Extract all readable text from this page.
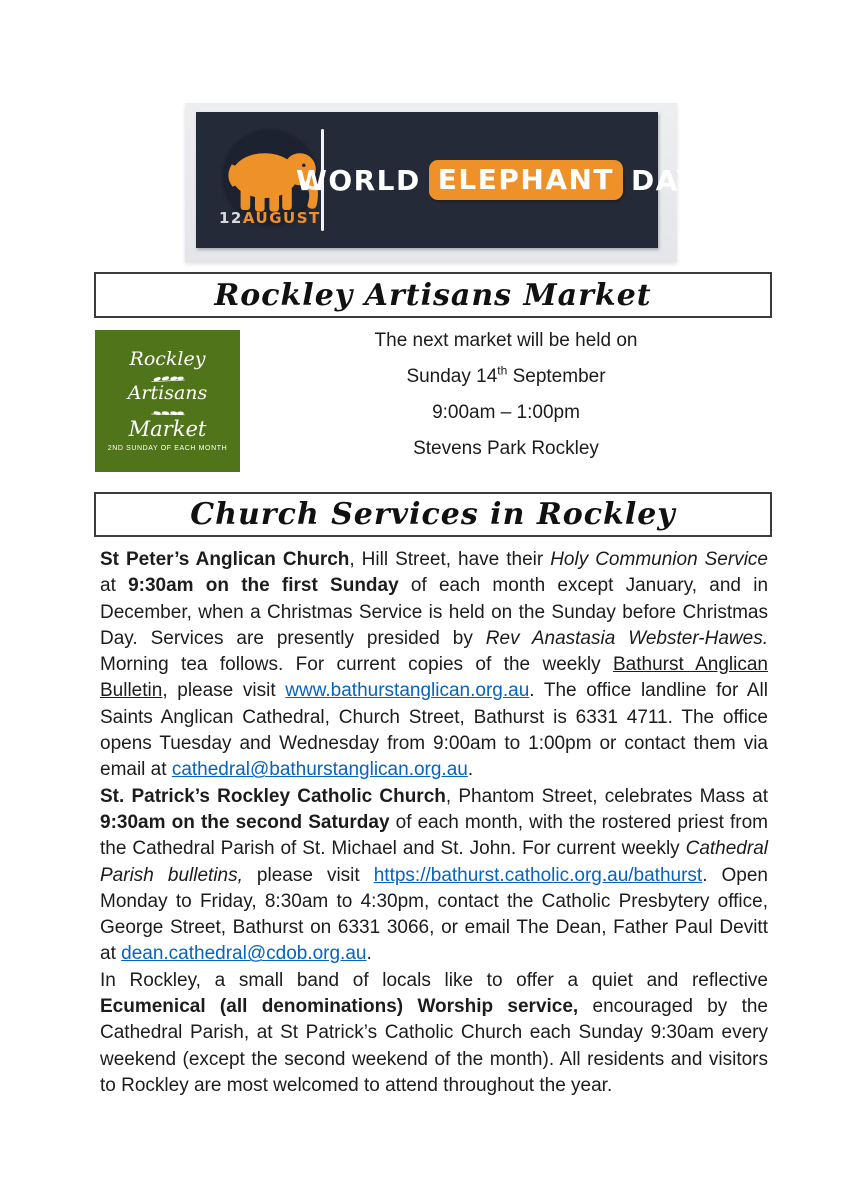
12AUGUST
WORLD ELEPHANT DAY
Rockley Artisans Market
Rockley
Artisans
Market
2ND SUNDAY OF EACH MONTH
The next market will be held on
Sunday 14th September
9:00am – 1:00pm
Stevens Park Rockley
Church Services in Rockley

St Peter’s Anglican Church, Hill Street, have their Holy Communion Service at 9:30am on the first Sunday of each month except January, and in December, when a Christmas Service is held on the Sunday before Christmas Day. Services are presently presided by Rev Anastasia Webster-Hawes. Morning tea follows. For current copies of the weekly Bathurst Anglican Bulletin, please visit www.bathurstanglican.org.au. The office landline for All Saints Anglican Cathedral, Church Street, Bathurst is 6331 4711. The office opens Tuesday and Wednesday from 9:00am to 1:00pm or contact them via email at cathedral@bathurstanglican.org.au.

St. Patrick’s Rockley Catholic Church, Phantom Street, celebrates Mass at 9:30am on the second Saturday of each month, with the rostered priest from the Cathedral Parish of St. Michael and St. John. For current weekly Cathedral Parish bulletins, please visit https://bathurst.catholic.org.au/bathurst. Open Monday to Friday, 8:30am to 4:30pm, contact the Catholic Presbytery office, George Street, Bathurst on 6331 3066, or email The Dean, Father Paul Devitt at dean.cathedral@cdob.org.au.

In Rockley, a small band of locals like to offer a quiet and reflective Ecumenical (all denominations) Worship service, encouraged by the Cathedral Parish, at St Patrick’s Catholic Church each Sunday 9:30am every weekend (except the second weekend of the month). All residents and visitors to Rockley are most welcomed to attend throughout the year.
